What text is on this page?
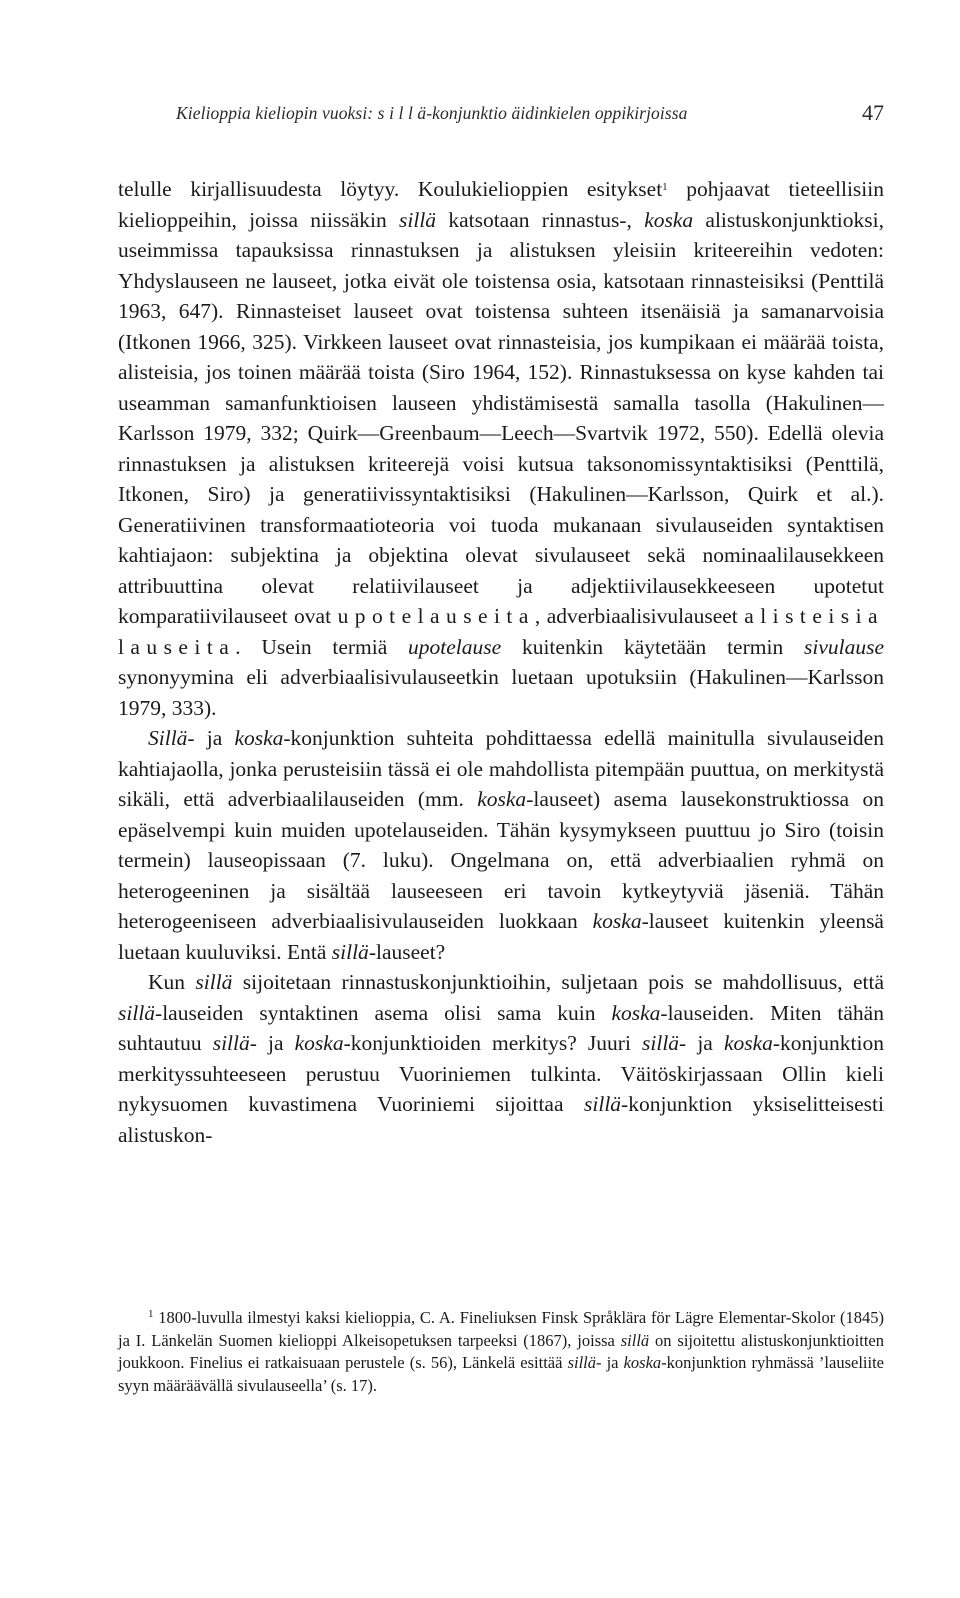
Kielioppia kieliopin vuoksi: s i l l ä-konjunktio äidinkielen oppikirjoissa	47

telulle kirjallisuudesta löytyy. Koulukielioppien esitykset$^1$ pohjaavat tieteellisiin kielioppeihin, joissa niissäkin sillä katsotaan rinnastus-, koska alistuskonjunktioksi, useimmissa tapauksissa rinnastuksen ja alistuksen yleisiin kriteereihin vedoten: Yhdyslauseen ne lauseet, jotka eivät ole toistensa osia, katsotaan rinnasteisiksi (Penttilä 1963, 647). Rinnasteiset lauseet ovat toistensa suhteen itsenäisiä ja samanarvoisia (Itkonen 1966, 325). Virkkeen lauseet ovat rinnasteisia, jos kumpikaan ei määrää toista, alisteisia, jos toinen määrää toista (Siro 1964, 152). Rinnastuksessa on kyse kahden tai useamman samanfunktioisen lauseen yhdistämisestä samalla tasolla (Hakulinen—Karlsson 1979, 332; Quirk—Greenbaum—Leech—Svartvik 1972, 550). Edellä olevia rinnastuksen ja alistuksen kriteerejä voisi kutsua taksonomissyntaktisiksi (Penttilä, Itkonen, Siro) ja generatiivissyntaktisiksi (Hakulinen—Karlsson, Quirk et al.). Generatiivinen transformaatioteoria voi tuoda mukanaan sivulauseiden syntaktisen kahtiajaon: subjektina ja objektina olevat sivulauseet sekä nominaalilausekkeen attribuuttina olevat relatiivilauseet ja adjektiivilausekkeeseen upotetut komparatiivilauseet ovat upotelauseita, adverbiaalisivulauseet alisteisia lauseita. Usein termiä upotelause kuitenkin käytetään termin sivulause synonyymina eli adverbiaalisivulauseetkin luetaan upotuksiin (Hakulinen—Karlsson 1979, 333).

Sillä- ja koska-konjunktion suhteita pohdittaessa edellä mainitulla sivulauseiden kahtiajaolla, jonka perusteisiin tässä ei ole mahdollista pitempään puuttua, on merkitystä sikäli, että adverbiaalilauseiden (mm. koska-lauseet) asema lausekonstruktiossa on epäselvempi kuin muiden upotelauseiden. Tähän kysymykseen puuttuu jo Siro (toisin termein) lauseopissaan (7. luku). Ongelmana on, että adverbiaalien ryhmä on heterogeeninen ja sisältää lauseeseen eri tavoin kytkeytyviä jäseniä. Tähän heterogeeniseen adverbiaalisivulauseiden luokkaan koska-lauseet kuitenkin yleensä luetaan kuuluviksi. Entä sillä-lauseet?

Kun sillä sijoitetaan rinnastuskonjunktioihin, suljetaan pois se mahdollisuus, että sillä-lauseiden syntaktinen asema olisi sama kuin koska-lauseiden. Miten tähän suhtautuu sillä- ja koska-konjunktioiden merkitys? Juuri sillä- ja koska-konjunktion merkityssuhteeseen perustuu Vuoriniemen tulkinta. Väitöskirjassaan Ollin kieli nykysuomen kuvastimena Vuoriniemi sijoittaa sillä-konjunktion yksiselitteisesti alistuskon-

$^1$ 1800-luvulla ilmestyi kaksi kielioppia, C. A. Fineliuksen Finsk Språklära för Lägre Elementar-Skolor (1845) ja I. Länkelän Suomen kielioppi Alkeisopetuksen tarpeeksi (1867), joissa sillä on sijoitettu alistuskonjunktioitten joukkoon. Finelius ei ratkaisuaan perustele (s. 56), Länkelä esittää sillä- ja koska-konjunktion ryhmässä ’lauseliite syyn määräävällä sivulauseella’ (s. 17).
